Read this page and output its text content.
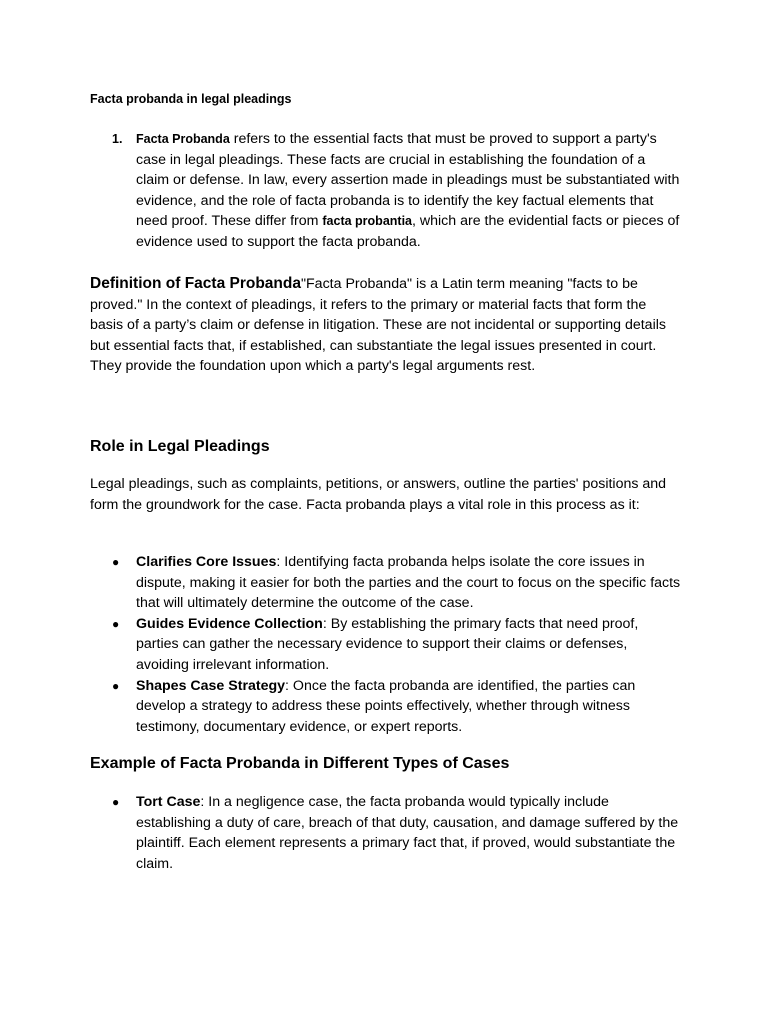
Facta probanda in legal pleadings

1. Facta Probanda refers to the essential facts that must be proved to support a party's case in legal pleadings. These facts are crucial in establishing the foundation of a claim or defense. In law, every assertion made in pleadings must be substantiated with evidence, and the role of facta probanda is to identify the key factual elements that need proof. These differ from facta probantia, which are the evidential facts or pieces of evidence used to support the facta probanda.

Definition of Facta Probanda"Facta Probanda" is a Latin term meaning "facts to be proved." In the context of pleadings, it refers to the primary or material facts that form the basis of a party’s claim or defense in litigation. These are not incidental or supporting details but essential facts that, if established, can substantiate the legal issues presented in court. They provide the foundation upon which a party's legal arguments rest.

Role in Legal Pleadings

Legal pleadings, such as complaints, petitions, or answers, outline the parties' positions and form the groundwork for the case. Facta probanda plays a vital role in this process as it:

● Clarifies Core Issues: Identifying facta probanda helps isolate the core issues in dispute, making it easier for both the parties and the court to focus on the specific facts that will ultimately determine the outcome of the case.
● Guides Evidence Collection: By establishing the primary facts that need proof, parties can gather the necessary evidence to support their claims or defenses, avoiding irrelevant information.
● Shapes Case Strategy: Once the facta probanda are identified, the parties can develop a strategy to address these points effectively, whether through witness testimony, documentary evidence, or expert reports.
Example of Facta Probanda in Different Types of Cases
● Tort Case: In a negligence case, the facta probanda would typically include establishing a duty of care, breach of that duty, causation, and damage suffered by the plaintiff. Each element represents a primary fact that, if proved, would substantiate the claim.
